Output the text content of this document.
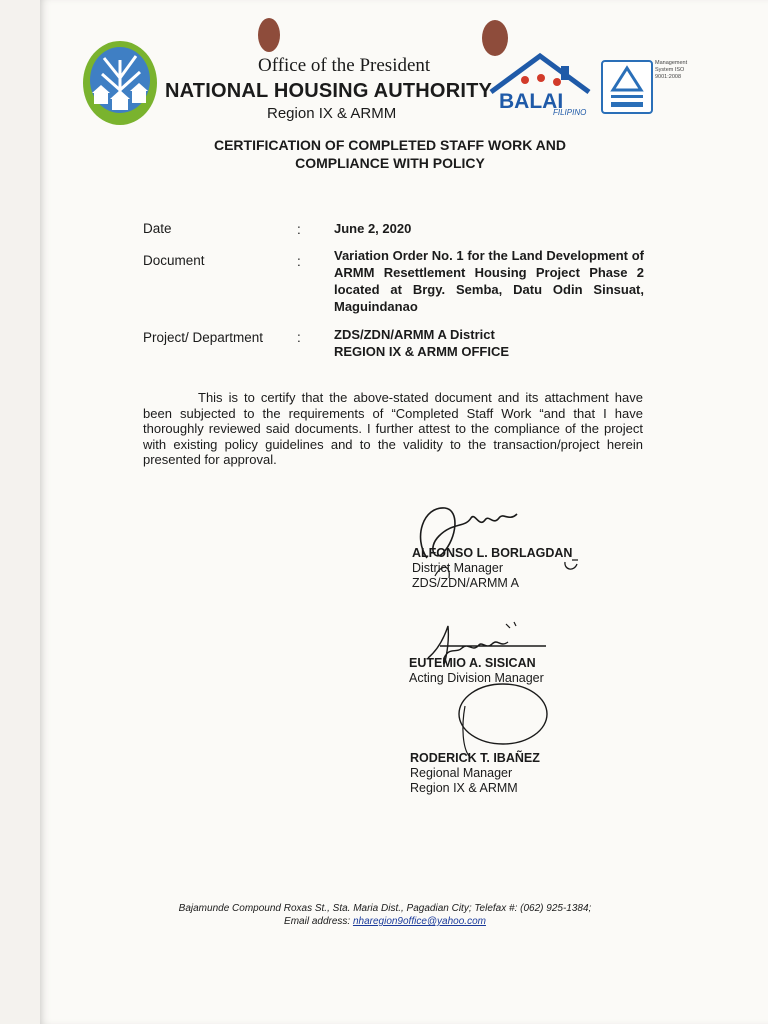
Office of the President
NATIONAL HOUSING AUTHORITY
Region IX & ARMM
BALAI
FILIPINO
Management System ISO 9001:2008
CERTIFICATION OF COMPLETED STAFF WORK AND COMPLIANCE WITH POLICY
Date	:	June 2, 2020
Document	:	Variation Order No. 1 for the Land Development of ARMM Resettlement Housing Project Phase 2 located at Brgy. Semba, Datu Odin Sinsuat, Maguindanao
Project/ Department	:	ZDS/ZDN/ARMM A District
REGION IX & ARMM OFFICE
This is to certify that the above-stated document and its attachment have been subjected to the requirements of “Completed Staff Work “and that I have thoroughly reviewed said documents. I further attest to the compliance of the project with existing policy guidelines and to the validity to the transaction/project herein presented for approval.
ALFONSO L. BORLAGDAN
District Manager
ZDS/ZDN/ARMM A
EUTEMIO A. SISICAN
Acting Division Manager
RODERICK T. IBAÑEZ
Regional Manager
Region IX & ARMM
Bajamunde Compound Roxas St., Sta. Maria Dist., Pagadian City; Telefax #: (062) 925-1384;
Email address: nharegion9office@yahoo.com
